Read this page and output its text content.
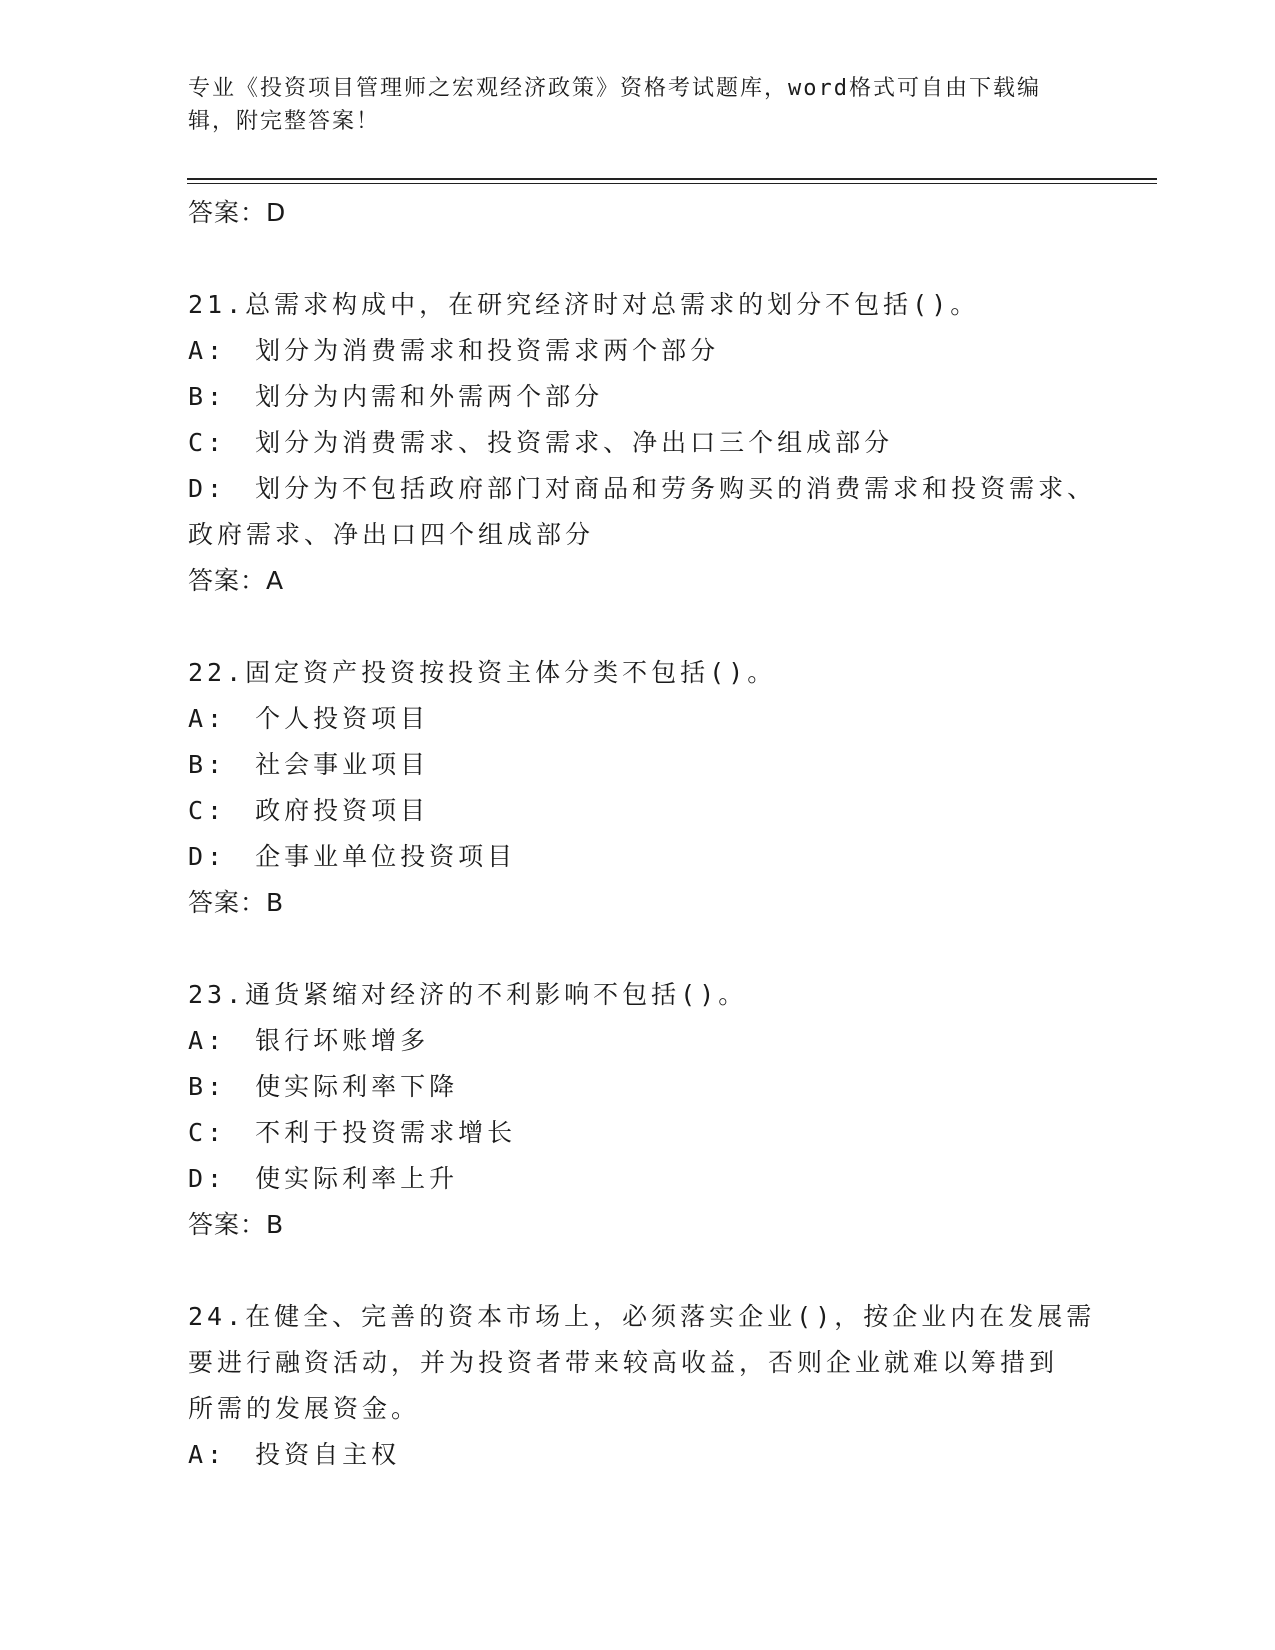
专业《投资项目管理师之宏观经济政策》资格考试题库，word格式可自由下载编
辑，附完整答案！
答案：D
21.总需求构成中，在研究经济时对总需求的划分不包括()。
A:　划分为消费需求和投资需求两个部分
B:　划分为内需和外需两个部分
C:　划分为消费需求、投资需求、净出口三个组成部分
D:　划分为不包括政府部门对商品和劳务购买的消费需求和投资需求、
政府需求、净出口四个组成部分
答案：A
22.固定资产投资按投资主体分类不包括()。
A:　个人投资项目
B:　社会事业项目
C:　政府投资项目
D:　企事业单位投资项目
答案：B
23.通货紧缩对经济的不利影响不包括()。
A:　银行坏账增多
B:　使实际利率下降
C:　不利于投资需求增长
D:　使实际利率上升
答案：B
24.在健全、完善的资本市场上，必须落实企业()，按企业内在发展需
要进行融资活动，并为投资者带来较高收益，否则企业就难以筹措到
所需的发展资金。
A:　投资自主权
